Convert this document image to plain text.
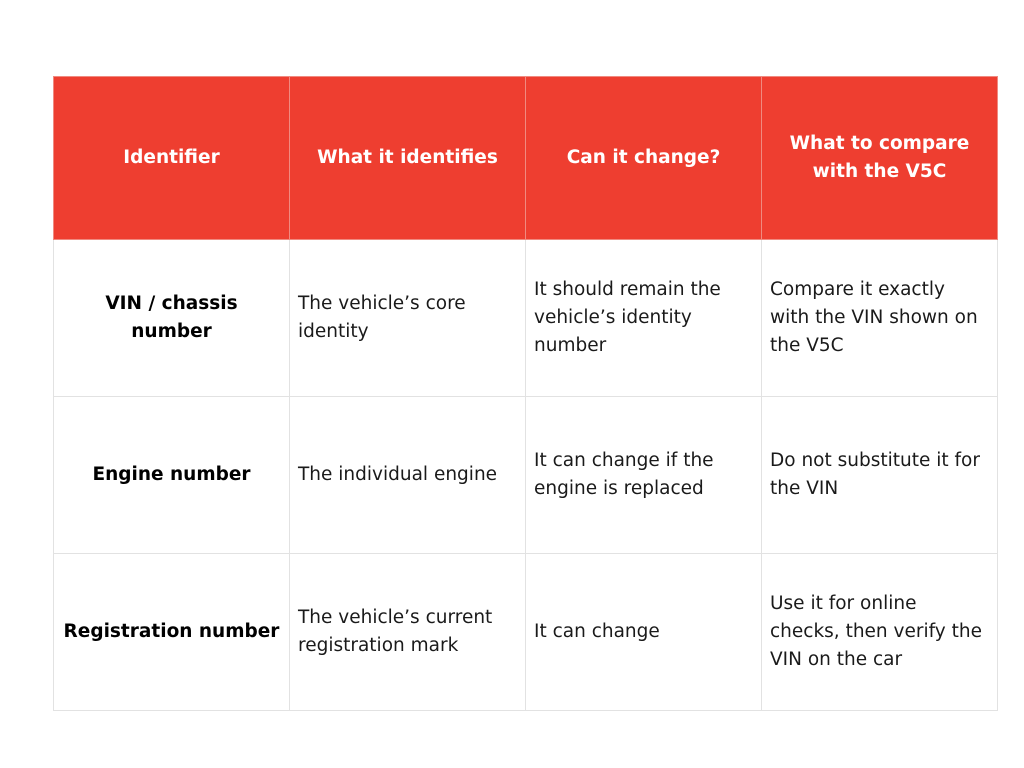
Identifier	What it identifies	Can it change?	What to compare with the V5C
VIN / chassis number	The vehicle’s core identity	It should remain the vehicle’s identity number	Compare it exactly with the VIN shown on the V5C
Engine number	The individual engine	It can change if the engine is replaced	Do not substitute it for the VIN
Registration number	The vehicle’s current registration mark	It can change	Use it for online checks, then verify the VIN on the car
